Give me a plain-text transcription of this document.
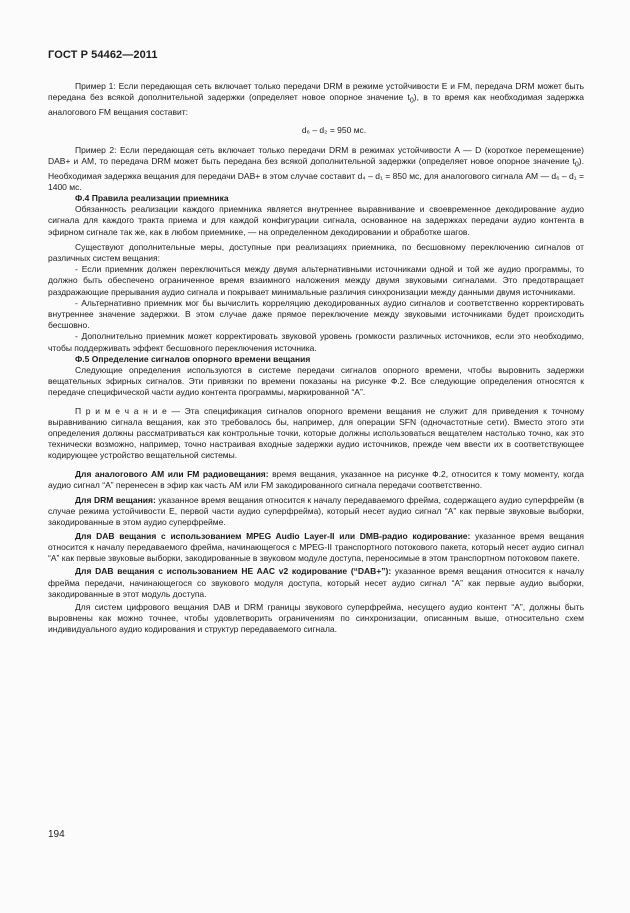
ГОСТ Р 54462—2011

Пример 1: Если передающая сеть включает только передачи DRM в режиме устойчивости E и FM, передача DRM может быть передана без всякой дополнительной задержки (определяет новое опорное значение $t_0$), в то время как необходимая задержка аналогового FM вещания составит:

d₆ – d₂ = 950 мс.

Пример 2: Если передающая сеть включает только передачи DRM в режимах устойчивости A — D (короткое перемещение) DAB+ и AM, то передача DRM может быть передана без всякой дополнительной задержки (определяет новое опорное значение $t_0$). Необходимая задержка вещания для передачи DAB+ в этом случае составит d₄ – d₁ = 850 мс, для аналогового сигнала AM — d₆ – d₁ = 1400 мс.

Ф.4 Правила реализации приемника

Обязанность реализации каждого приемника является внутреннее выравнивание и своевременное декодирование аудио сигнала для каждого тракта приема и для каждой конфигурации сигнала, основанное на задержках передачи аудио контента в эфирном сигнале так же, как в любом приемнике, — на определенном декодировании и обработке шагов.

Существуют дополнительные меры, доступные при реализациях приемника, по бесшовному переключению сигналов от различных систем вещания:

- Если приемник должен переключиться между двумя альтернативными источниками одной и той же аудио программы, то должно быть обеспечено ограниченное время взаимного наложения между двумя звуковыми сигналами. Это предотвращает раздражающие прерывания аудио сигнала и покрывает минимальные различия синхронизации между данными двумя источниками.

- Альтернативно приемник мог бы вычислить корреляцию декодированных аудио сигналов и соответственно корректировать внутреннее значение задержки. В этом случае даже прямое переключение между звуковыми источниками будет происходить бесшовно.

- Дополнительно приемник может корректировать звуковой уровень громкости различных источников, если это необходимо, чтобы поддерживать эффект бесшовного переключения источника.

Ф.5 Определение сигналов опорного времени вещания

Следующие определения используются в системе передачи сигналов опорного времени, чтобы выровнить задержки вещательных эфирных сигналов. Эти привязки по времени показаны на рисунке Ф.2. Все следующие определения относятся к передаче специфической части аудио контента программы, маркированной “A”.

П р и м е ч а н и е — Эта спецификация сигналов опорного времени вещания не служит для приведения к точному выравниванию сигнала вещания, как это требовалось бы, например, для операции SFN (одночастотные сети). Вместо этого эти определения должны рассматриваться как контрольные точки, которые должны использоваться вещателем настолько точно, как это технически возможно, например, точно настраивая входные задержки аудио источников, прежде чем ввести их в соответствующее кодирующее устройство вещательной системы.

Для аналогового AM или FM радиовещания: время вещания, указанное на рисунке Ф.2, относится к тому моменту, когда аудио сигнал “A” перенесен в эфир как часть AM или FM закодированного сигнала передачи соответственно.

Для DRM вещания: указанное время вещания относится к началу передаваемого фрейма, содержащего аудио суперфрейм (в случае режима устойчивости E, первой части аудио суперфрейма), который несет аудио сигнал “A” как первые звуковые выборки, закодированные в этом аудио суперфрейме.

Для DAB вещания с использованием MPEG Audio Layer-II или DMB-радио кодирование: указанное время вещания относится к началу передаваемого фрейма, начинающегося с MPEG-II транспортного потокового пакета, который несет аудио сигнал “A” как первые звуковые выборки, закодированные в звуковом модуле доступа, переносимые в этом транспортном потоковом пакете.

Для DAB вещания с использованием HE AAC v2 кодирование (“DAB+”): указанное время вещания относится к началу фрейма передачи, начинающегося со звукового модуля доступа, который несет аудио сигнал “A” как первые аудио выборки, закодированные в этот модуль доступа.

Для систем цифрового вещания DAB и DRM границы звукового суперфрейма, несущего аудио контент “A”, должны быть выровнены как можно точнее, чтобы удовлетворить ограничениям по синхронизации, описанным выше, относительно схем индивидуального аудио кодирования и структур передаваемого сигнала.

194
